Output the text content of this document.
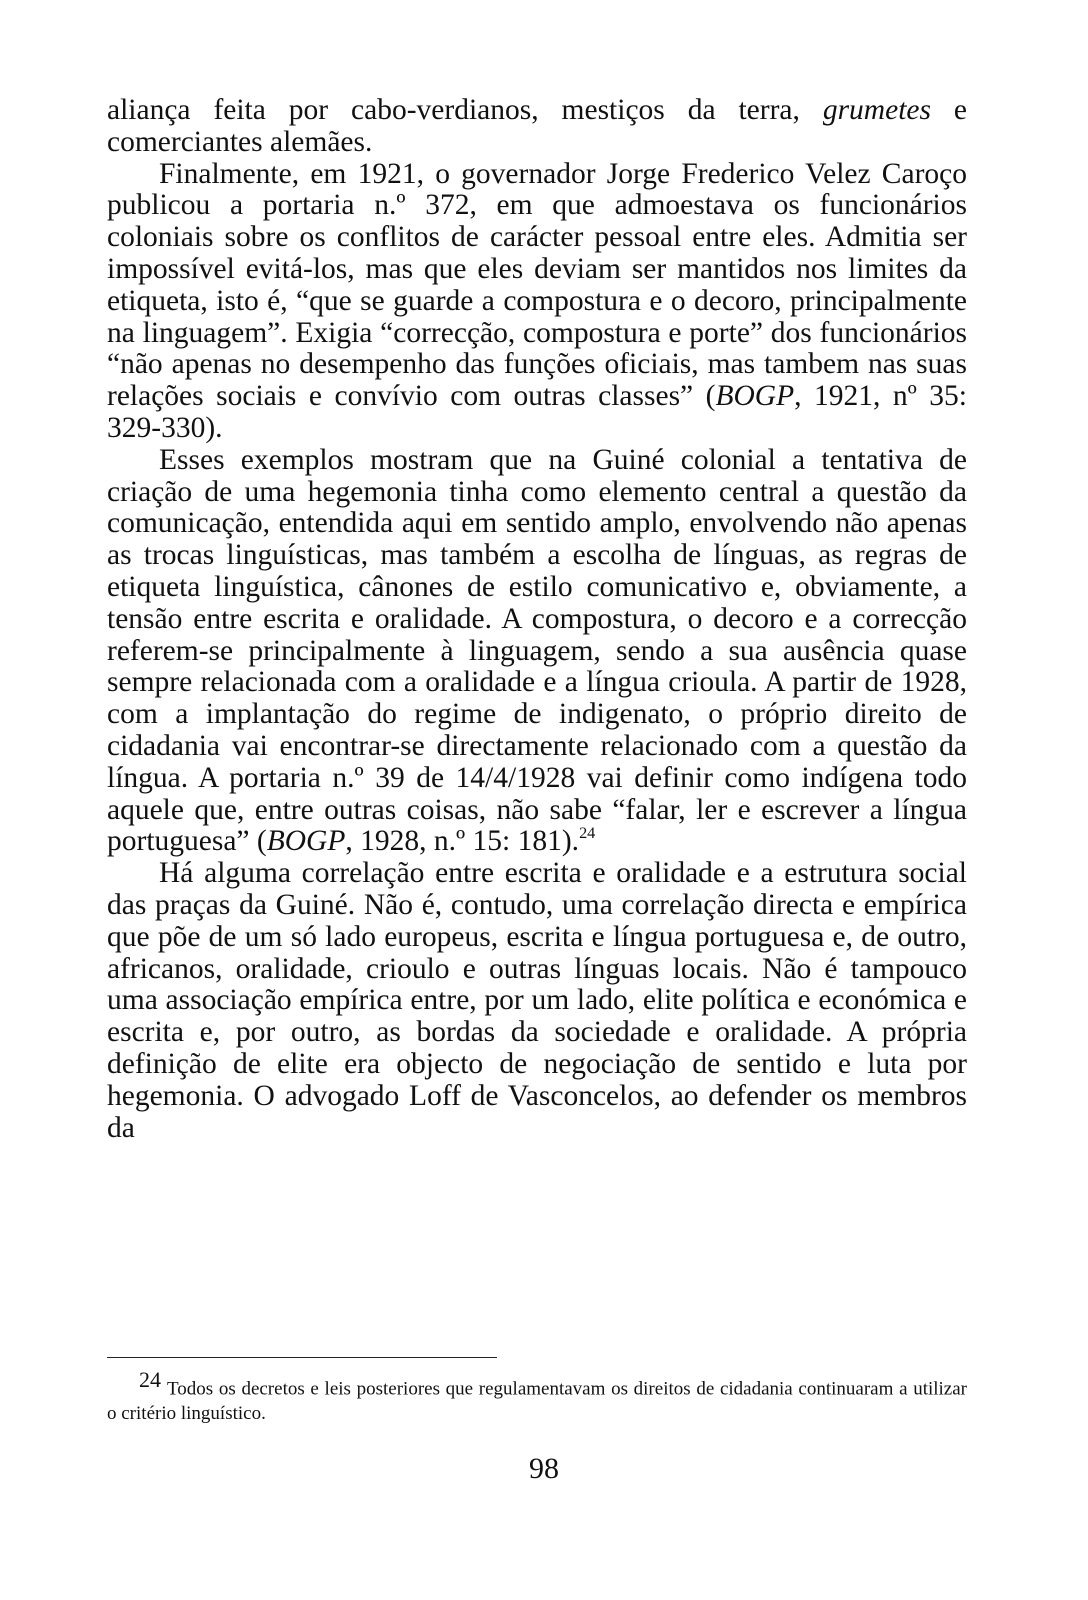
aliança feita por cabo-verdianos, mestiços da terra, grumetes e comerciantes alemães.

Finalmente, em 1921, o governador Jorge Frederico Velez Caroço publicou a portaria n.º 372, em que admoestava os funcionários coloniais sobre os conflitos de carácter pessoal entre eles. Admitia ser impossível evitá-los, mas que eles deviam ser mantidos nos limites da etiqueta, isto é, “que se guarde a compostura e o decoro, principalmente na linguagem”. Exigia “correcção, compostura e porte” dos funcionários “não apenas no desempenho das funções oficiais, mas tambem nas suas relações sociais e convívio com outras classes” (BOGP, 1921, nº 35: 329-330).

Esses exemplos mostram que na Guiné colonial a tentativa de criação de uma hegemonia tinha como elemento central a questão da comunicação, entendida aqui em sentido amplo, envolvendo não apenas as trocas linguísticas, mas também a escolha de línguas, as regras de etiqueta linguística, cânones de estilo comunicativo e, obviamente, a tensão entre escrita e oralidade. A compostura, o decoro e a correcção referem-se principalmente à linguagem, sendo a sua ausência quase sempre relacionada com a oralidade e a língua crioula. A partir de 1928, com a implantação do regime de indigenato, o próprio direito de cidadania vai encontrar-se directamente relacionado com a questão da língua. A portaria n.º 39 de 14/4/1928 vai definir como indígena todo aquele que, entre outras coisas, não sabe “falar, ler e escrever a língua portuguesa” (BOGP, 1928, n.º 15: 181).$^{24}$

Há alguma correlação entre escrita e oralidade e a estrutura social das praças da Guiné. Não é, contudo, uma correlação directa e empírica que põe de um só lado europeus, escrita e língua portuguesa e, de outro, africanos, oralidade, crioulo e outras línguas locais. Não é tampouco uma associação empírica entre, por um lado, elite política e económica e escrita e, por outro, as bordas da sociedade e oralidade. A própria definição de elite era objecto de negociação de sentido e luta por hegemonia. O advogado Loff de Vasconcelos, ao defender os membros da

24 Todos os decretos e leis posteriores que regulamentavam os direitos de cidadania continuaram a utilizar o critério linguístico.
98
